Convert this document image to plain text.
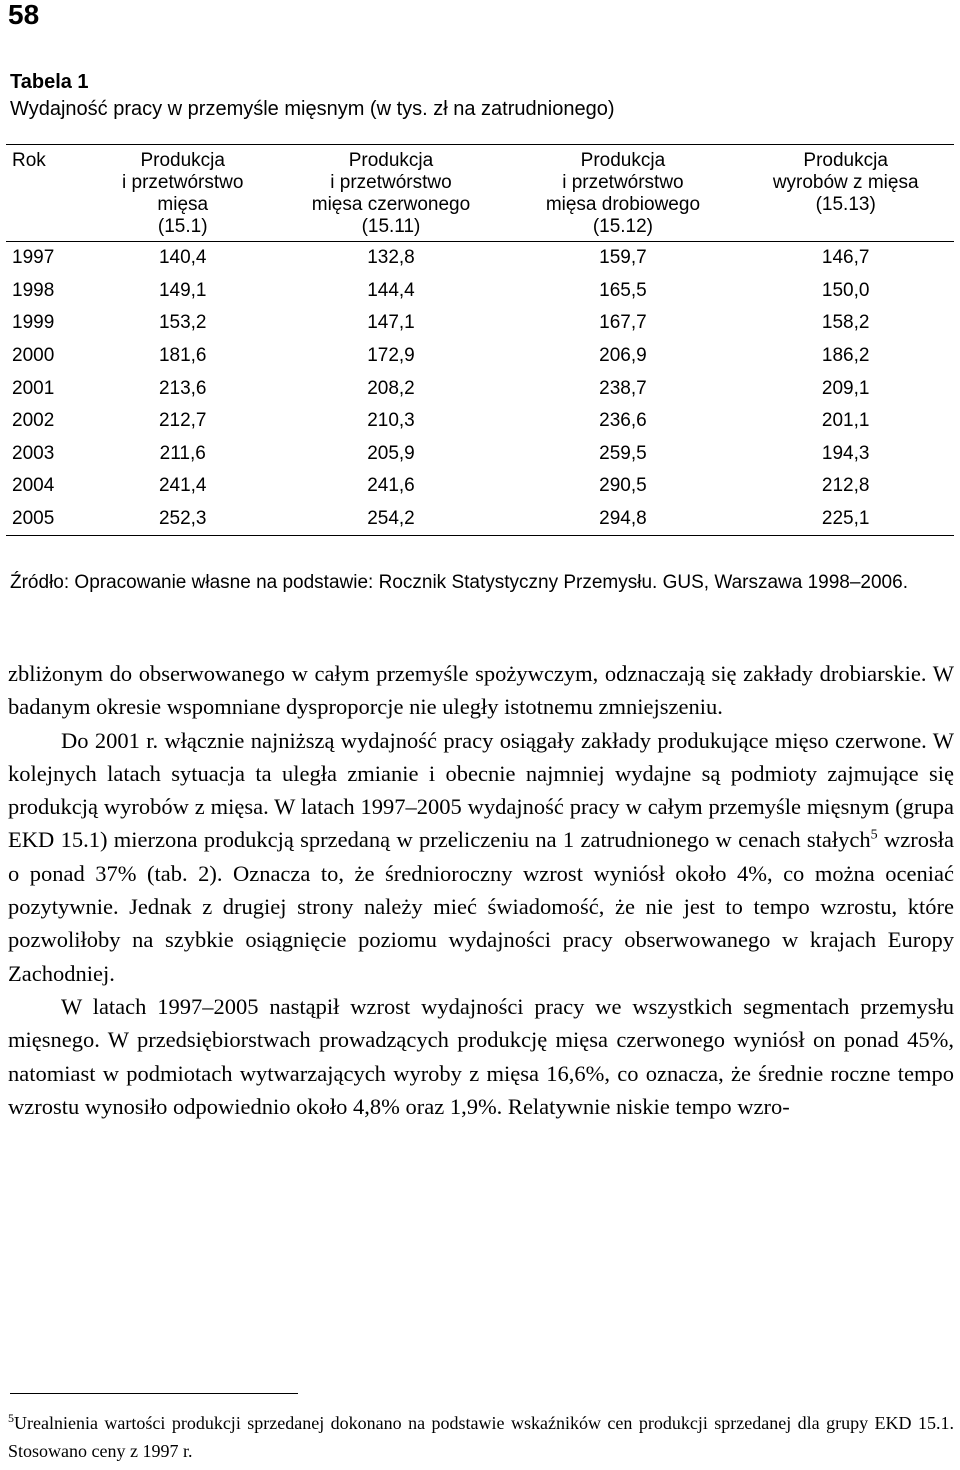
58
Tabela 1
Wydajność pracy w przemyśle mięsnym (w tys. zł na zatrudnionego)
Rok	Produkcja
i przetwórstwo
mięsa
(15.1)	Produkcja
i przetwórstwo
mięsa czerwonego
(15.11)	Produkcja
i przetwórstwo
mięsa drobiowego
(15.12)	Produkcja
wyrobów z mięsa
(15.13)
1997	140,4	132,8	159,7	146,7
1998	149,1	144,4	165,5	150,0
1999	153,2	147,1	167,7	158,2
2000	181,6	172,9	206,9	186,2
2001	213,6	208,2	238,7	209,1
2002	212,7	210,3	236,6	201,1
2003	211,6	205,9	259,5	194,3
2004	241,4	241,6	290,5	212,8
2005	252,3	254,2	294,8	225,1
Źródło: Opracowanie własne na podstawie: Rocznik Statystyczny Przemysłu. GUS, Warszawa 1998–2006.

zbliżonym do obserwowanego w całym przemyśle spożywczym, odznaczają się zakłady drobiarskie. W badanym okresie wspomniane dysproporcje nie uległy istotnemu zmniejszeniu.

Do 2001 r. włącznie najniższą wydajność pracy osiągały zakłady produkujące mięso czerwone. W kolejnych latach sytuacja ta uległa zmianie i obecnie najmniej wydajne są podmioty zajmujące się produkcją wyrobów z mięsa. W latach 1997–2005 wydajność pracy w całym przemyśle mięsnym (grupa EKD 15.1) mierzona produkcją sprzedaną w przeliczeniu na 1 zatrudnionego w cenach stałych$^5$ wzrosła o ponad 37% (tab. 2). Oznacza to, że średnioroczny wzrost wyniósł około 4%, co można oceniać pozytywnie. Jednak z drugiej strony należy mieć świadomość, że nie jest to tempo wzrostu, które pozwoliłoby na szybkie osiągnięcie poziomu wydajności pracy obserwowanego w krajach Europy Zachodniej.

W latach 1997–2005 nastąpił wzrost wydajności pracy we wszystkich segmentach przemysłu mięsnego. W przedsiębiorstwach prowadzących produkcję mięsa czerwonego wyniósł on ponad 45%, natomiast w podmiotach wytwarzających wyroby z mięsa 16,6%, co oznacza, że średnie roczne tempo wzrostu wynosiło odpowiednio około 4,8% oraz 1,9%. Relatywnie niskie tempo wzro-

$^5$Urealnienia wartości produkcji sprzedanej dokonano na podstawie wskaźników cen produkcji sprzedanej dla grupy EKD 15.1. Stosowano ceny z 1997 r.
